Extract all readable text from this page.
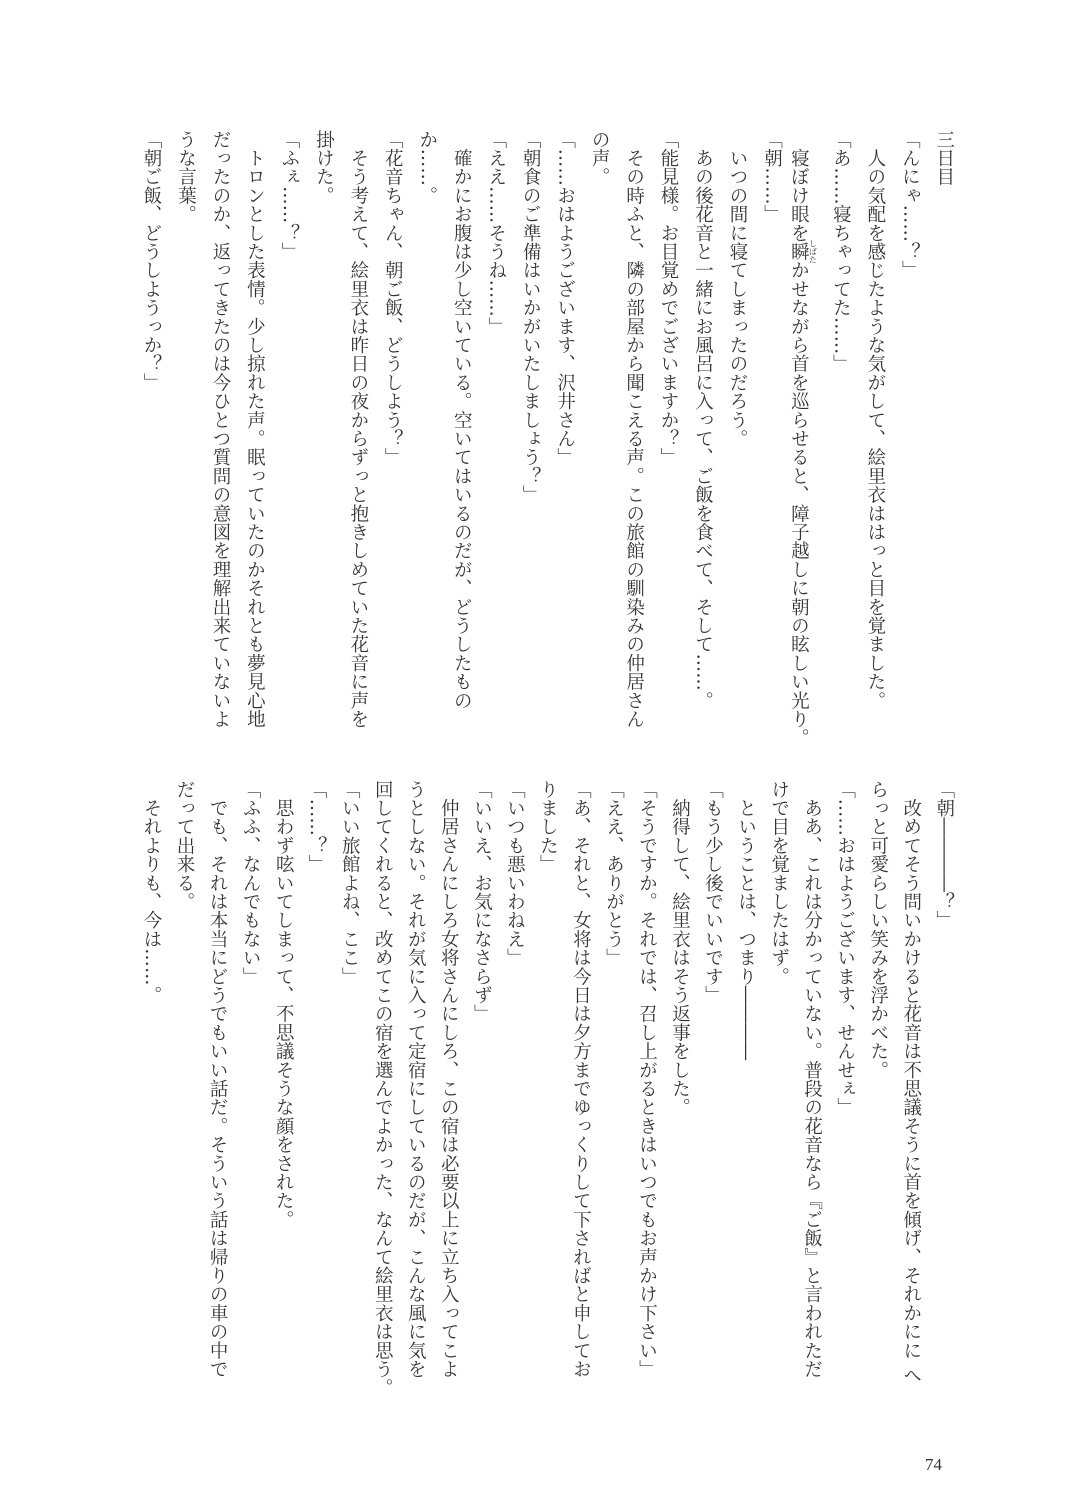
三日目
「んにゃ……？」
　人の気配を感じたような気がして、絵里衣ははっと目を覚ました。
「あ……寝ちゃってた……」
　寝ぼけ眼を瞬 しばたかせながら首を巡らせると、障子越しに朝の眩しい光り。
「朝……」
　いつの間に寝てしまったのだろう。
　あの後花音と一緒にお風呂に入って、ご飯を食べて、そして……。
「能見様。お目覚めでございますか？」
　その時ふと、隣の部屋から聞こえる声。この旅館の馴染みの仲居さん
の声。
「……おはようございます、沢井さん」
「朝食のご準備はいかがいたしましょう？」
「ええ……そうね……」
　確かにお腹は少し空いている。空いてはいるのだが、どうしたもの
か……。
「花音ちゃん、朝ご飯、どうしよう？」
　そう考えて、絵里衣は昨日の夜からずっと抱きしめていた花音に声を
掛けた。
「ふぇ……？」
　トロンとした表情。少し掠れた声。眠っていたのかそれとも夢見心地
だったのか、返ってきたのは今ひとつ質問の意図を理解出来ていないよ
うな言葉。
「朝ご飯、どうしようっか？」
「朝――――？」
　改めてそう問いかけると花音は不思議そうに首を傾げ、それかにに へ
らっと可愛らしい笑みを浮かべた。
「……おはようございます、せんせぇ」
　ああ、これは分かっていない。普段の花音なら『ご飯』と言われただ
けで目を覚ましたはず。
　ということは、つまり――――
「もう少し後でいいです」
　納得して、絵里衣はそう返事をした。
「そうですか。それでは、召し上がるときはいつでもお声かけ下さい」
「ええ、ありがとう」
「あ、それと、女将は今日は夕方までゆっくりして下さればと申してお
りました」
「いつも悪いわねえ」
「いいえ、お気になさらず」
　仲居さんにしろ女将さんにしろ、この宿は必要以上に立ち入ってこよ
うとしない。それが気に入って定宿にしているのだが、こんな風に気を
回してくれると、改めてこの宿を選んでよかった、なんて絵里衣は思う。
「いい旅館よね、ここ」
「……？」
　思わず呟いてしまって、不思議そうな顔をされた。
「ふふ、なんでもない」
　でも、それは本当にどうでもいい話だ。そういう話は帰りの車の中で
だって出来る。
　それよりも、今は……。
74
